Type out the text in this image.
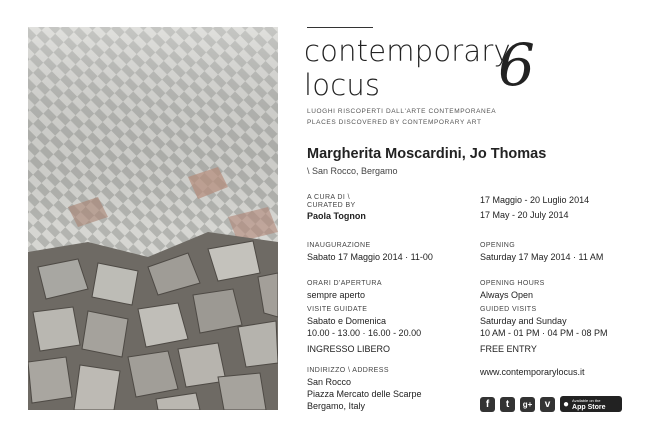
contemporary
locus	6
LUOGHI RISCOPERTI DALL'ARTE CONTEMPORANEA
PLACES DISCOVERED BY CONTEMPORARY ART
Margherita Moscardini, Jo Thomas
\ San Rocco, Bergamo
A CURA DI \
CURATED BY
Paola Tognon
17 Maggio - 20 Luglio 2014
17 May - 20 July 2014
INAUGURAZIONE
Sabato 17 Maggio 2014 · 11-00
OPENING
Saturday 17 May 2014 · 11 AM
ORARI D'APERTURA
sempre aperto
OPENING HOURS
Always Open
VISITE GUIDATE
Sabato e Domenica
10.00 - 13.00 · 16.00 - 20.00
INGRESSO LIBERO
GUIDED VISITS
Saturday and Sunday
10 AM - 01 PM · 04 PM - 08 PM
FREE ENTRY
INDIRIZZO \ ADDRESS
San Rocco
Piazza Mercato delle Scarpe
Bergamo, Italy
www.contemporarylocus.it
f	t	g+	v	● Available on the
App Store
